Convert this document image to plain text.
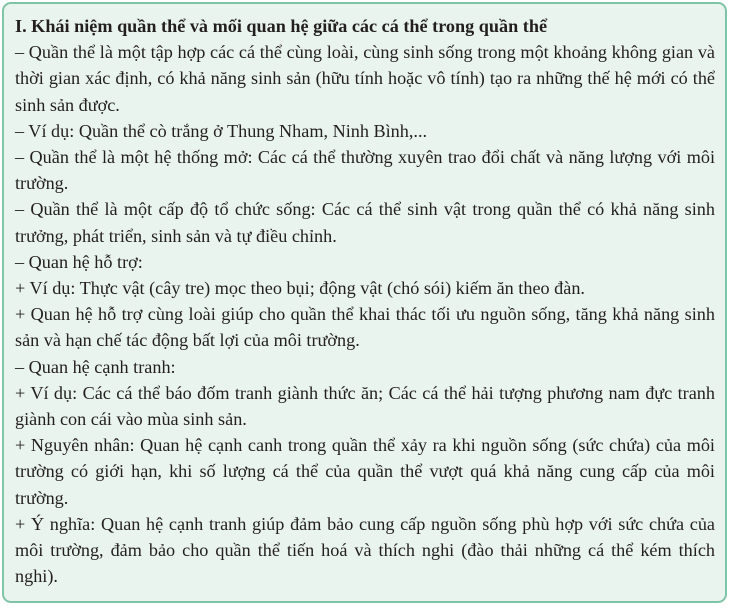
I. Khái niệm quần thể và mối quan hệ giữa các cá thể trong quần thể

– Quần thể là một tập hợp các cá thể cùng loài, cùng sinh sống trong một khoảng không gian và thời gian xác định, có khả năng sinh sản (hữu tính hoặc vô tính) tạo ra những thế hệ mới có thể sinh sản được.

– Ví dụ: Quần thể cò trắng ở Thung Nham, Ninh Bình,...

– Quần thể là một hệ thống mở: Các cá thể thường xuyên trao đổi chất và năng lượng với môi trường.

– Quần thể là một cấp độ tổ chức sống: Các cá thể sinh vật trong quần thể có khả năng sinh trưởng, phát triển, sinh sản và tự điều chỉnh.

– Quan hệ hỗ trợ:

+ Ví dụ: Thực vật (cây tre) mọc theo bụi; động vật (chó sói) kiếm ăn theo đàn.

+ Quan hệ hỗ trợ cùng loài giúp cho quần thể khai thác tối ưu nguồn sống, tăng khả năng sinh sản và hạn chế tác động bất lợi của môi trường.

– Quan hệ cạnh tranh:

+ Ví dụ: Các cá thể báo đốm tranh giành thức ăn; Các cá thể hải tượng phương nam đực tranh giành con cái vào mùa sinh sản.

+ Nguyên nhân: Quan hệ cạnh canh trong quần thể xảy ra khi nguồn sống (sức chứa) của môi trường có giới hạn, khi số lượng cá thể của quần thể vượt quá khả năng cung cấp của môi trường.

+ Ý nghĩa: Quan hệ cạnh tranh giúp đảm bảo cung cấp nguồn sống phù hợp với sức chứa của môi trường, đảm bảo cho quần thể tiến hoá và thích nghi (đào thải những cá thể kém thích nghi).
